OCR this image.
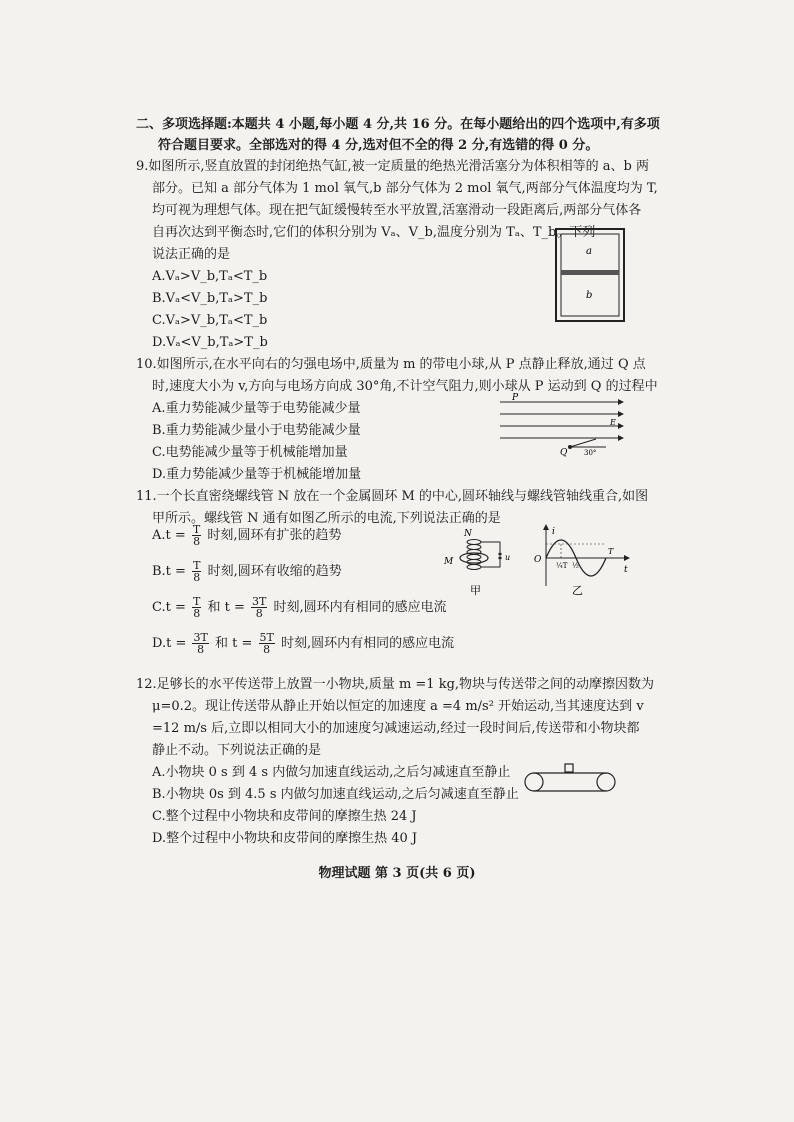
二、多项选择题:本题共 4 小题,每小题 4 分,共 16 分。在每小题给出的四个选项中,有多项
符合题目要求。全部选对的得 4 分,选对但不全的得 2 分,有选错的得 0 分。
9.如图所示,竖直放置的封闭绝热气缸,被一定质量的绝热光滑活塞分为体积相等的 a、b 两
部分。已知 a 部分气体为 1 mol 氧气,b 部分气体为 2 mol 氧气,两部分气体温度均为 T,
均可视为理想气体。现在把气缸缓慢转至水平放置,活塞滑动一段距离后,两部分气体各
自再次达到平衡态时,它们的体积分别为 Vₐ、V_b,温度分别为 Tₐ、T_b。下列
说法正确的是
A.Vₐ>V_b,Tₐ<T_b
B.Vₐ<V_b,Tₐ>T_b
C.Vₐ>V_b,Tₐ<T_b
D.Vₐ<V_b,Tₐ>T_b
a
b
10.如图所示,在水平向右的匀强电场中,质量为 m 的带电小球,从 P 点静止释放,通过 Q 点
时,速度大小为 v,方向与电场方向成 30°角,不计空气阻力,则小球从 P 运动到 Q 的过程中
A.重力势能减少量等于电势能减少量
B.重力势能减少量小于电势能减少量
C.电势能减少量等于机械能增加量
D.重力势能减少量等于机械能增加量
P
Q
E
30°
11.一个长直密绕螺线管 N 放在一个金属圆环 M 的中心,圆环轴线与螺线管轴线重合,如图
甲所示。螺线管 N 通有如图乙所示的电流,下列说法正确的是
$A.t = \frac{T}{8}$ 时刻,圆环有扩张的趋势
$B.t = \frac{T}{8}$ 时刻,圆环有收缩的趋势
$C.t = \frac{T}{8}$ 和 $t = \frac{3T}{8}$ 时刻,圆环内有相同的感应电流
$D.t = \frac{3T}{8}$ 和 $t = \frac{5T}{8}$ 时刻,圆环内有相同的感应电流
N
M	u
甲
i
O
t
T
¼T ½
乙
12.足够长的水平传送带上放置一小物块,质量 m =1 kg,物块与传送带之间的动摩擦因数为
μ=0.2。现让传送带从静止开始以恒定的加速度 a =4 m/s² 开始运动,当其速度达到 v
=12 m/s 后,立即以相同大小的加速度匀减速运动,经过一段时间后,传送带和小物块都
静止不动。下列说法正确的是
A.小物块 0 s 到 4 s 内做匀加速直线运动,之后匀减速直至静止
B.小物块 0s 到 4.5 s 内做匀加速直线运动,之后匀减速直至静止
C.整个过程中小物块和皮带间的摩擦生热 24 J
D.整个过程中小物块和皮带间的摩擦生热 40 J
物理试题 第 3 页(共 6 页)
